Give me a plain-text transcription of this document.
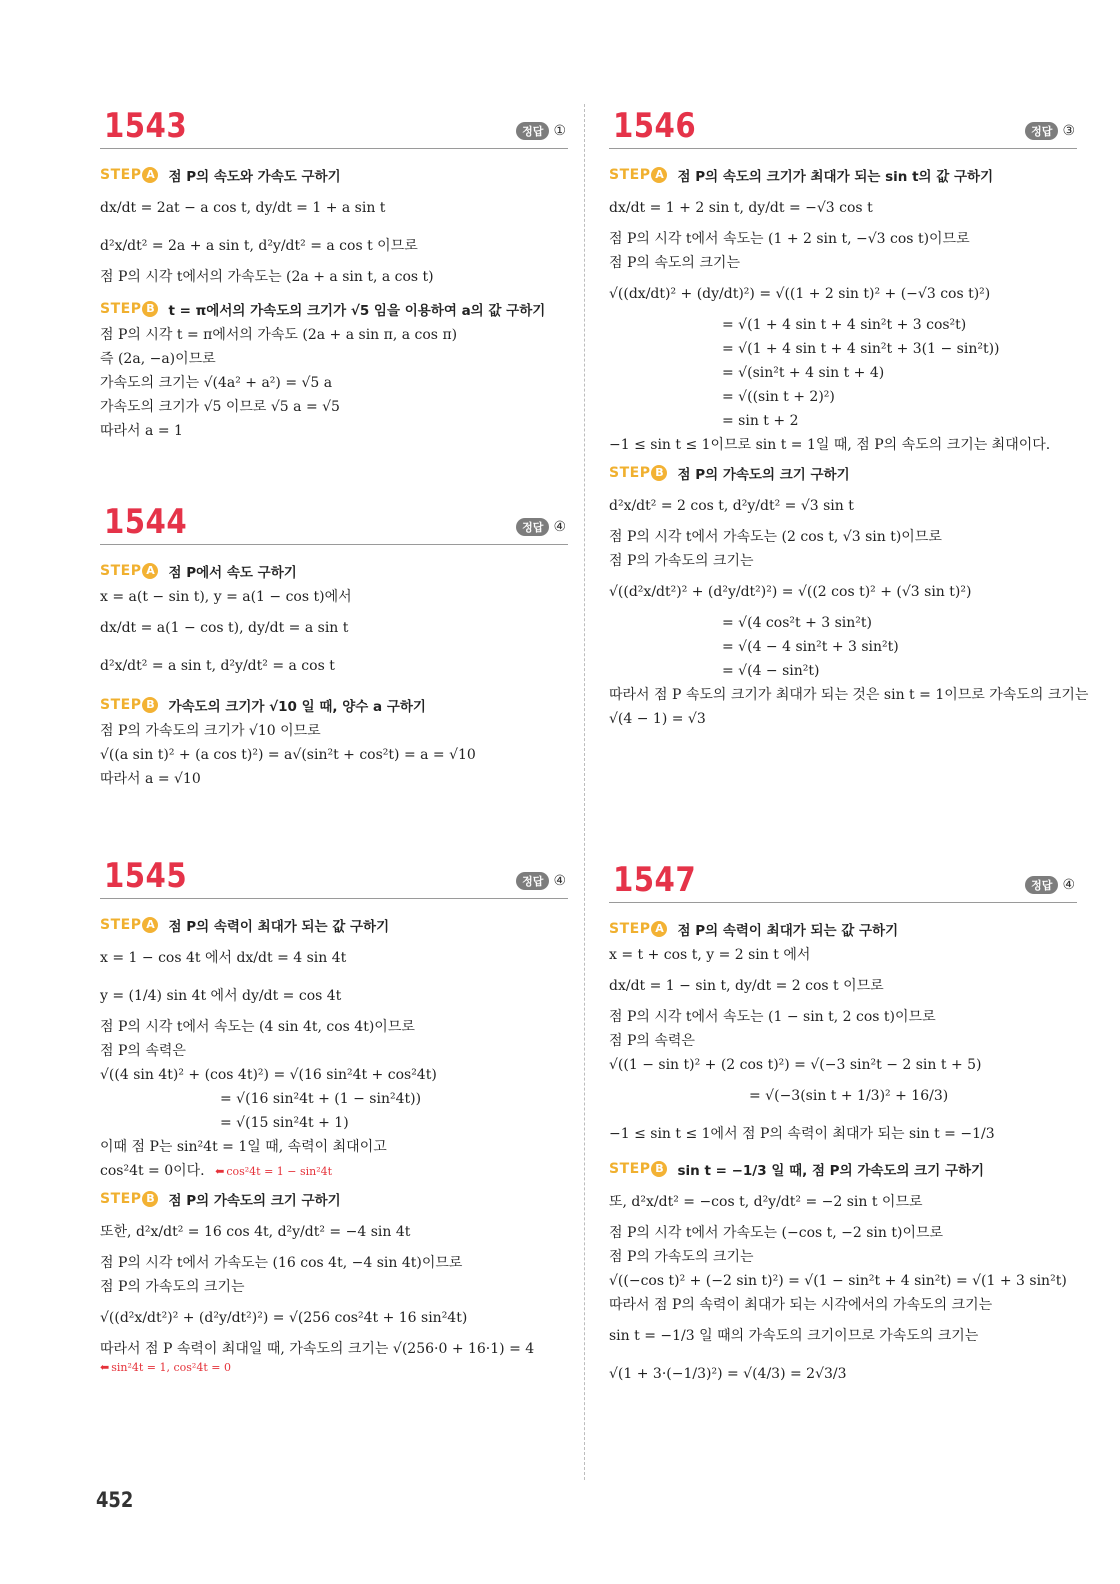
1543	정답 ①
STEP A 점 P의 속도와 가속도 구하기
dx/dt = 2at − a cos t, dy/dt = 1 + a sin t
d²x/dt² = 2a + a sin t, d²y/dt² = a cos t 이므로
점 P의 시각 t에서의 가속도는 (2a + a sin t, a cos t)
STEP B t = π에서의 가속도의 크기가 √5 임을 이용하여 a의 값 구하기
점 P의 시각 t = π에서의 가속도 (2a + a sin π, a cos π)
즉 (2a, −a)이므로
가속도의 크기는 √(4a² + a²) = √5 a
가속도의 크기가 √5 이므로 √5 a = √5
따라서 a = 1
1544	정답 ④
STEP A 점 P에서 속도 구하기
x = a(t − sin t), y = a(1 − cos t)에서
dx/dt = a(1 − cos t), dy/dt = a sin t
d²x/dt² = a sin t, d²y/dt² = a cos t
STEP B 가속도의 크기가 √10 일 때, 양수 a 구하기
점 P의 가속도의 크기가 √10 이므로
√((a sin t)² + (a cos t)²) = a√(sin²t + cos²t) = a = √10
따라서 a = √10
1545	정답 ④
STEP A 점 P의 속력이 최대가 되는 값 구하기
x = 1 − cos 4t 에서 dx/dt = 4 sin 4t
y = (1/4) sin 4t 에서 dy/dt = cos 4t
점 P의 시각 t에서 속도는 (4 sin 4t, cos 4t)이므로
점 P의 속력은
√((4 sin 4t)² + (cos 4t)²) = √(16 sin²4t + cos²4t)
= √(16 sin²4t + (1 − sin²4t))
= √(15 sin²4t + 1)
이때 점 P는 sin²4t = 1일 때, 속력이 최대이고
cos²4t = 0이다. ⬅ cos²4t = 1 − sin²4t
STEP B 점 P의 가속도의 크기 구하기
또한, d²x/dt² = 16 cos 4t, d²y/dt² = −4 sin 4t
점 P의 시각 t에서 가속도는 (16 cos 4t, −4 sin 4t)이므로
점 P의 가속도의 크기는
√((d²x/dt²)² + (d²y/dt²)²) = √(256 cos²4t + 16 sin²4t)
따라서 점 P 속력이 최대일 때, 가속도의 크기는 √(256·0 + 16·1) = 4
⬅ sin²4t = 1, cos²4t = 0
1546	정답 ③
STEP A 점 P의 속도의 크기가 최대가 되는 sin t의 값 구하기
dx/dt = 1 + 2 sin t, dy/dt = −√3 cos t
점 P의 시각 t에서 속도는 (1 + 2 sin t, −√3 cos t)이므로
점 P의 속도의 크기는
√((dx/dt)² + (dy/dt)²) = √((1 + 2 sin t)² + (−√3 cos t)²)
= √(1 + 4 sin t + 4 sin²t + 3 cos²t)
= √(1 + 4 sin t + 4 sin²t + 3(1 − sin²t))
= √(sin²t + 4 sin t + 4)
= √((sin t + 2)²)
= sin t + 2
−1 ≤ sin t ≤ 1이므로 sin t = 1일 때, 점 P의 속도의 크기는 최대이다.
STEP B 점 P의 가속도의 크기 구하기
d²x/dt² = 2 cos t, d²y/dt² = √3 sin t
점 P의 시각 t에서 가속도는 (2 cos t, √3 sin t)이므로
점 P의 가속도의 크기는
√((d²x/dt²)² + (d²y/dt²)²) = √((2 cos t)² + (√3 sin t)²)
= √(4 cos²t + 3 sin²t)
= √(4 − 4 sin²t + 3 sin²t)
= √(4 − sin²t)
따라서 점 P 속도의 크기가 최대가 되는 것은 sin t = 1이므로 가속도의 크기는
√(4 − 1) = √3
1547	정답 ④
STEP A 점 P의 속력이 최대가 되는 값 구하기
x = t + cos t, y = 2 sin t 에서
dx/dt = 1 − sin t, dy/dt = 2 cos t 이므로
점 P의 시각 t에서 속도는 (1 − sin t, 2 cos t)이므로
점 P의 속력은
√((1 − sin t)² + (2 cos t)²) = √(−3 sin²t − 2 sin t + 5)
= √(−3(sin t + 1/3)² + 16/3)
−1 ≤ sin t ≤ 1에서 점 P의 속력이 최대가 되는 sin t = −1/3
STEP B sin t = −1/3 일 때, 점 P의 가속도의 크기 구하기
또, d²x/dt² = −cos t, d²y/dt² = −2 sin t 이므로
점 P의 시각 t에서 가속도는 (−cos t, −2 sin t)이므로
점 P의 가속도의 크기는
√((−cos t)² + (−2 sin t)²) = √(1 − sin²t + 4 sin²t) = √(1 + 3 sin²t)
따라서 점 P의 속력이 최대가 되는 시각에서의 가속도의 크기는
sin t = −1/3 일 때의 가속도의 크기이므로 가속도의 크기는
√(1 + 3·(−1/3)²) = √(4/3) = 2√3/3
452
